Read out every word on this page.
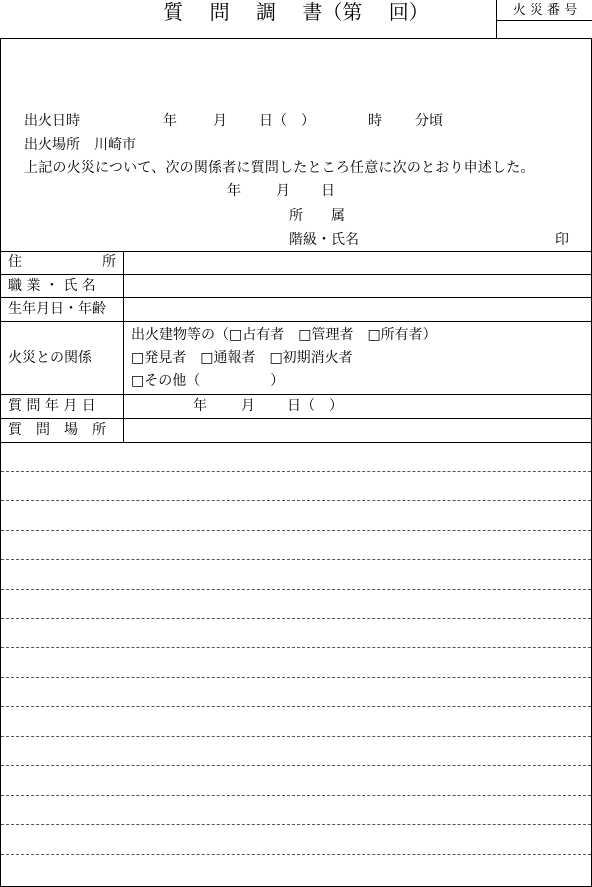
火 災 番 号
質　 問　 調　 書（第　 回）
出火日時	年	月 日（　）	時 分頃
出火場所　川崎市
上記の火災について、次の関係者に質問したところ任意に次のとおり申述した。
年	月 日
所　　属
階級・氏名	印
住　　　　所
職 業 ・ 氏 名
生年月日・年齢
火災との関係
出火建物等の（□占有者　□管理者　□所有者）
□発見者　□通報者　□初期消火者
□その他（　　　　　）
質 問 年 月 日	年 月 日（　）
質　問　場　所
